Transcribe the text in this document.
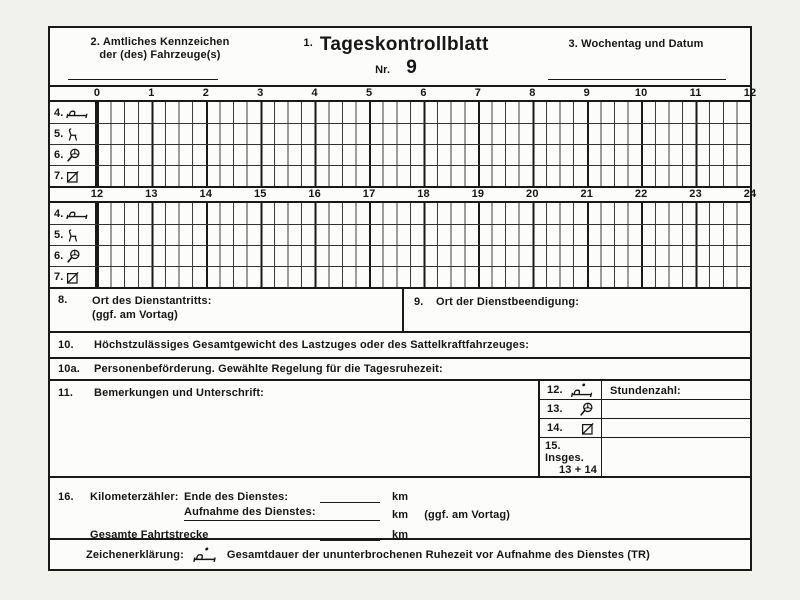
2. Amtliches Kennzeichen
der (des) Fahrzeuge(s)
1. Tageskontrollblatt
Nr. 9
3. Wochentag und Datum
0	1	2	3	4	5	6	7	8	9	10	11	12
4.
5.
6.
7.
12	13	14	15	16	17	18	19	20	21	22	23	24
4.
5.
6.
7.
8.	Ort des Dienstantritts:
(ggf. am Vortag)
9.	Ort der Dienstbeendigung:
10.	Höchstzulässiges Gesamtgewicht des Lastzuges oder des Sattelkraftfahrzeuges:
10a.	Personenbeförderung. Gewählte Regelung für die Tagesruhezeit:
11.	Bemerkungen und Unterschrift:	12.	Stundenzahl:
13.
14.
15. Insges.
13 + 14
16.	Kilometerzähler: Ende des Dienstes:	km
Aufnahme des Dienstes:	km (ggf. am Vortag)
Gesamte Fahrtstrecke	km
Zeichenerklärung:	Gesamtdauer der ununterbrochenen Ruhezeit vor Aufnahme des Dienstes (TR)
